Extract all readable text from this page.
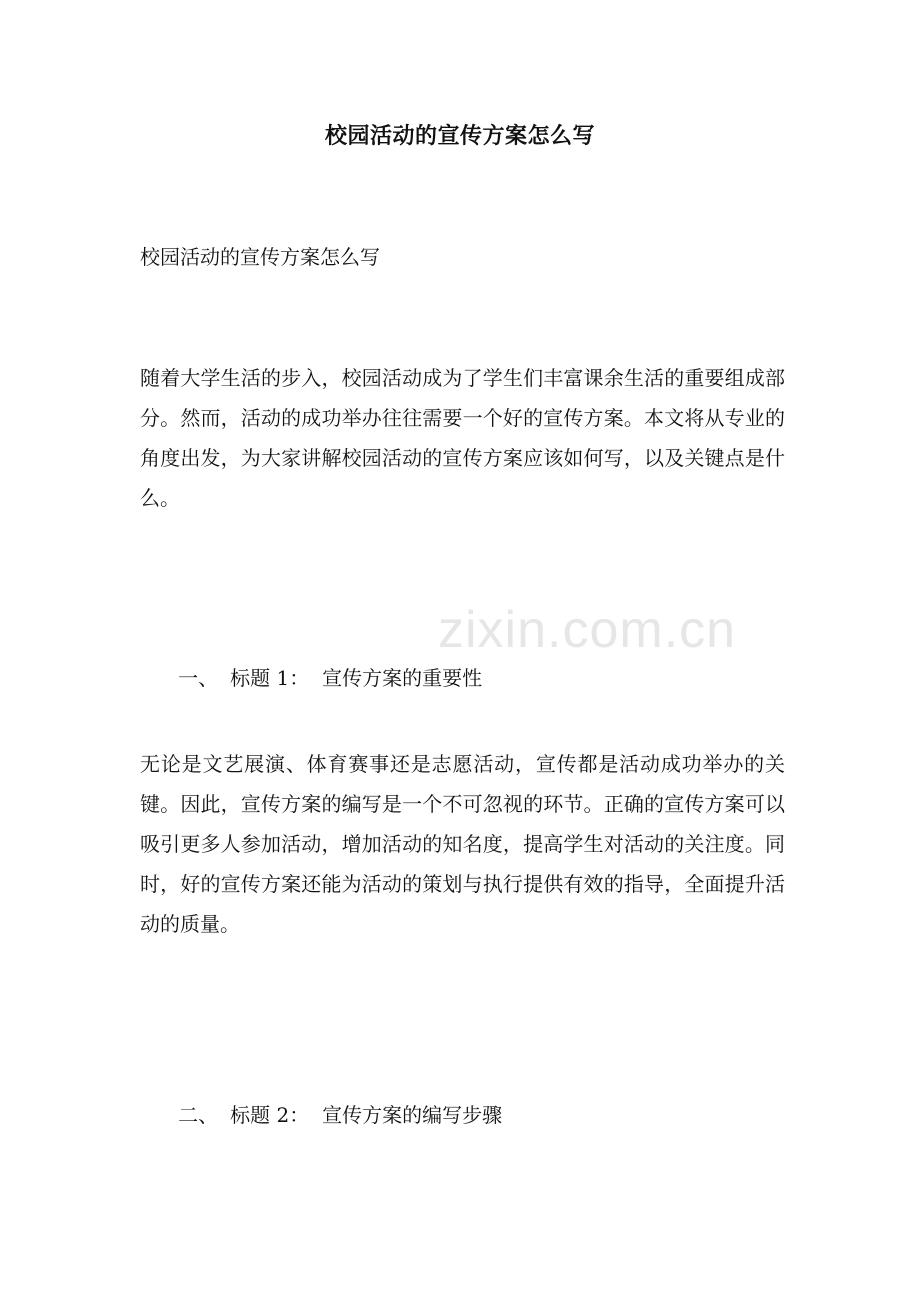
zixin.com.cn
校园活动的宣传方案怎么写
校园活动的宣传方案怎么写

随着大学生活的步入，校园活动成为了学生们丰富课余生活的重要组成部分。然而，活动的成功举办往往需要一个好的宣传方案。本文将从专业的角度出发，为大家讲解校园活动的宣传方案应该如何写，以及关键点是什么。

一、 标题 1： 宣传方案的重要性

无论是文艺展演、体育赛事还是志愿活动，宣传都是活动成功举办的关键。因此，宣传方案的编写是一个不可忽视的环节。正确的宣传方案可以吸引更多人参加活动，增加活动的知名度，提高学生对活动的关注度。同时，好的宣传方案还能为活动的策划与执行提供有效的指导，全面提升活动的质量。

二、 标题 2： 宣传方案的编写步骤
